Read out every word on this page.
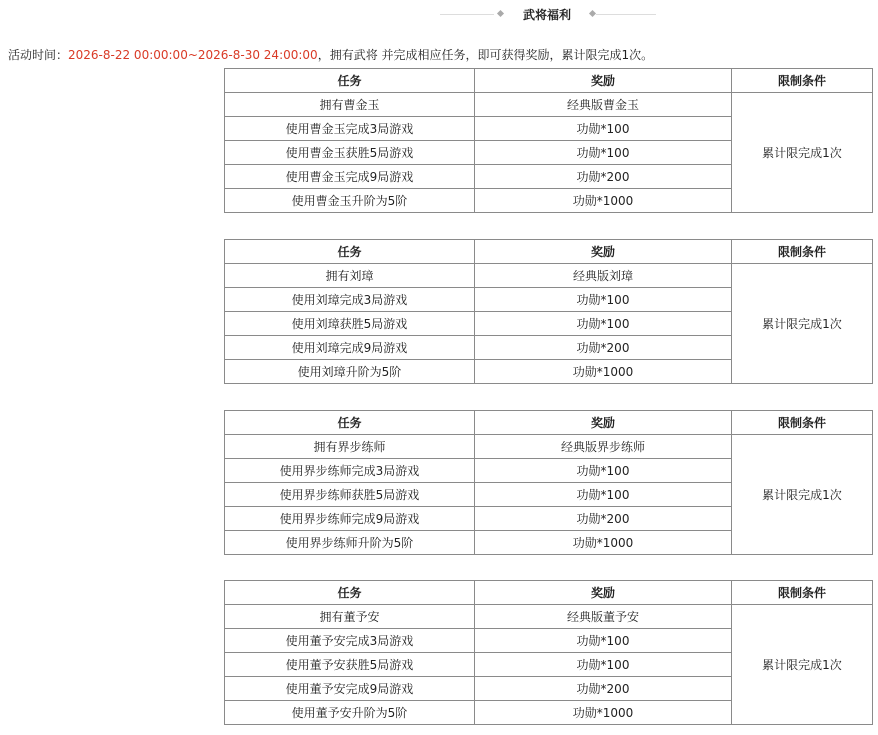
武将福利
活动时间：2026-8-22 00:00:00~2026-8-30 24:00:00，拥有武将 并完成相应任务，即可获得奖励，累计限完成1次。
任务	奖励	限制条件
拥有曹金玉	经典版曹金玉	累计限完成1次
使用曹金玉完成3局游戏	功勋*100	
使用曹金玉获胜5局游戏	功勋*100	
使用曹金玉完成9局游戏	功勋*200	
使用曹金玉升阶为5阶	功勋*1000	
任务	奖励	限制条件
拥有刘璋	经典版刘璋	累计限完成1次
使用刘璋完成3局游戏	功勋*100	
使用刘璋获胜5局游戏	功勋*100	
使用刘璋完成9局游戏	功勋*200	
使用刘璋升阶为5阶	功勋*1000	
任务	奖励	限制条件
拥有界步练师	经典版界步练师	累计限完成1次
使用界步练师完成3局游戏	功勋*100	
使用界步练师获胜5局游戏	功勋*100	
使用界步练师完成9局游戏	功勋*200	
使用界步练师升阶为5阶	功勋*1000	
任务	奖励	限制条件
拥有董予安	经典版董予安	累计限完成1次
使用董予安完成3局游戏	功勋*100	
使用董予安获胜5局游戏	功勋*100	
使用董予安完成9局游戏	功勋*200	
使用董予安升阶为5阶	功勋*1000	
